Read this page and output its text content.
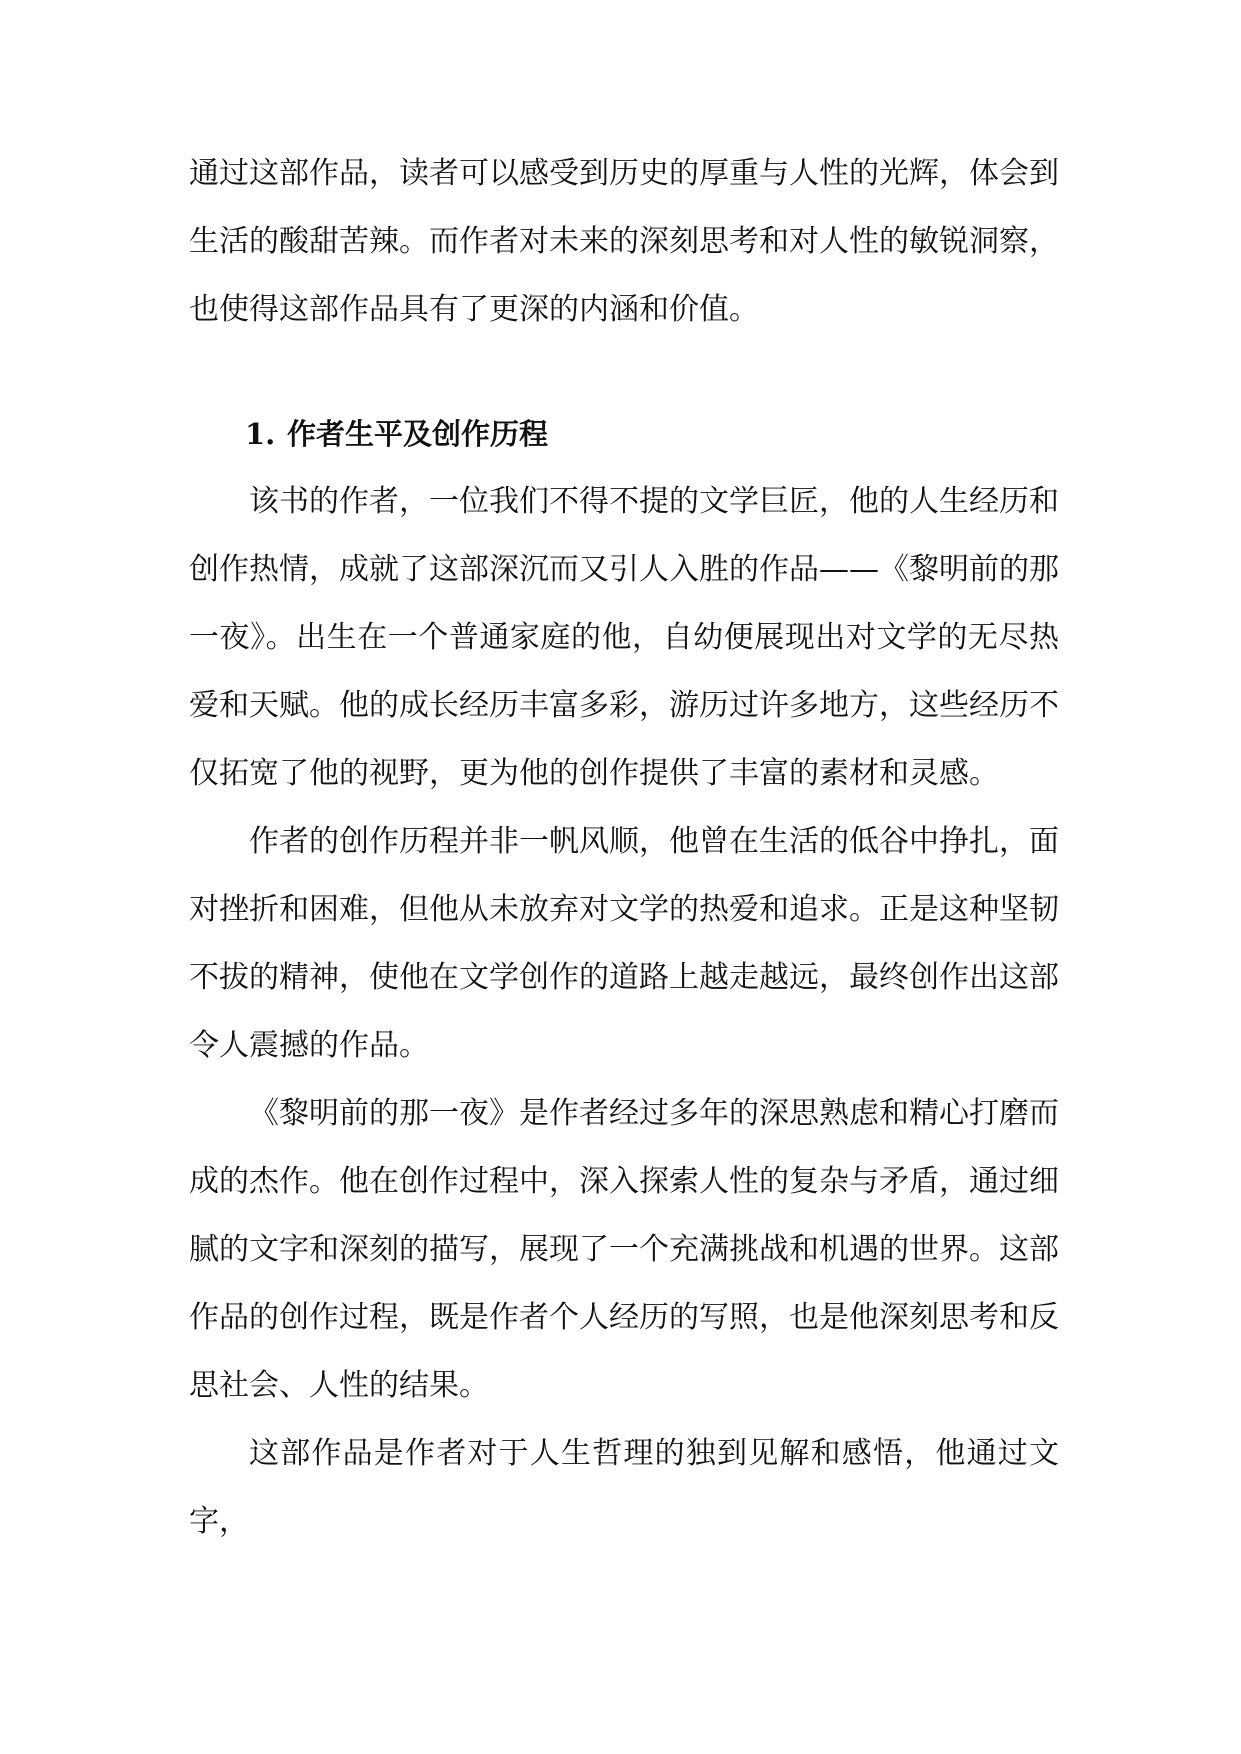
通过这部作品，读者可以感受到历史的厚重与人性的光辉，体会到生活的酸甜苦辣。而作者对未来的深刻思考和对人性的敏锐洞察，也使得这部作品具有了更深的内涵和价值。

1. 作者生平及创作历程

该书的作者，一位我们不得不提的文学巨匠，他的人生经历和创作热情，成就了这部深沉而又引人入胜的作品——《黎明前的那一夜》。出生在一个普通家庭的他，自幼便展现出对文学的无尽热爱和天赋。他的成长经历丰富多彩，游历过许多地方，这些经历不仅拓宽了他的视野，更为他的创作提供了丰富的素材和灵感。

作者的创作历程并非一帆风顺，他曾在生活的低谷中挣扎，面对挫折和困难，但他从未放弃对文学的热爱和追求。正是这种坚韧不拔的精神，使他在文学创作的道路上越走越远，最终创作出这部令人震撼的作品。

《黎明前的那一夜》是作者经过多年的深思熟虑和精心打磨而成的杰作。他在创作过程中，深入探索人性的复杂与矛盾，通过细腻的文字和深刻的描写，展现了一个充满挑战和机遇的世界。这部作品的创作过程，既是作者个人经历的写照，也是他深刻思考和反思社会、人性的结果。

这部作品是作者对于人生哲理的独到见解和感悟，他通过文字，
